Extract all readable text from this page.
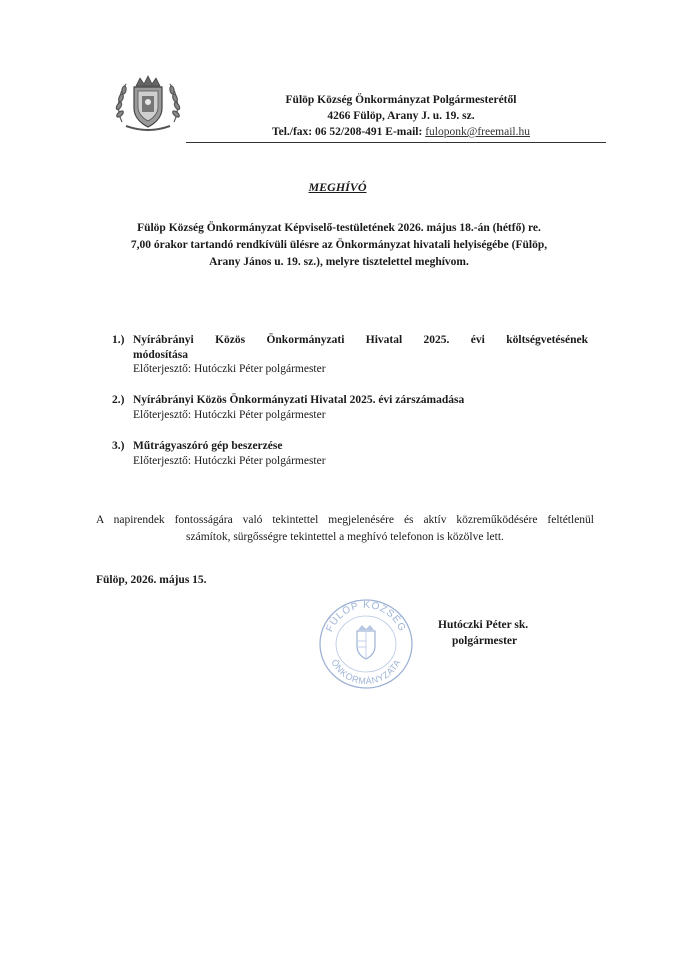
Fülöp Község Önkormányzat Polgármesterétől
4266 Fülöp, Arany J. u. 19. sz.
Tel./fax: 06 52/208-491 E-mail: fuloponk@freemail.hu
MEGHÍVÓ
Fülöp Község Önkormányzat Képviselő-testületének 2026. május 18.-án (hétfő) re.
7,00 órakor tartandó rendkívüli ülésre az Önkormányzat hivatali helyiségébe (Fülöp,
Arany János u. 19. sz.), melyre tisztelettel meghívom.
1.) Nyírábrányi Közös Önkormányzati Hivatal 2025. évi költségvetésének
módosítása
Előterjesztő: Hutóczki Péter polgármester
2.) Nyírábrányi Közös Önkormányzati Hivatal 2025. évi zárszámadása
Előterjesztő: Hutóczki Péter polgármester
3.) Műtrágyaszóró gép beszerzése
Előterjesztő: Hutóczki Péter polgármester
A napirendek fontosságára való tekintettel megjelenésére és aktív közreműködésére feltétlenül
számítok, sürgősségre tekintettel a meghívó telefonon is közölve lett.
Fülöp, 2026. május 15.
FÜLÖP KÖZSÉG
ÖNKORMÁNYZATA
Hutóczki Péter sk.
polgármester
